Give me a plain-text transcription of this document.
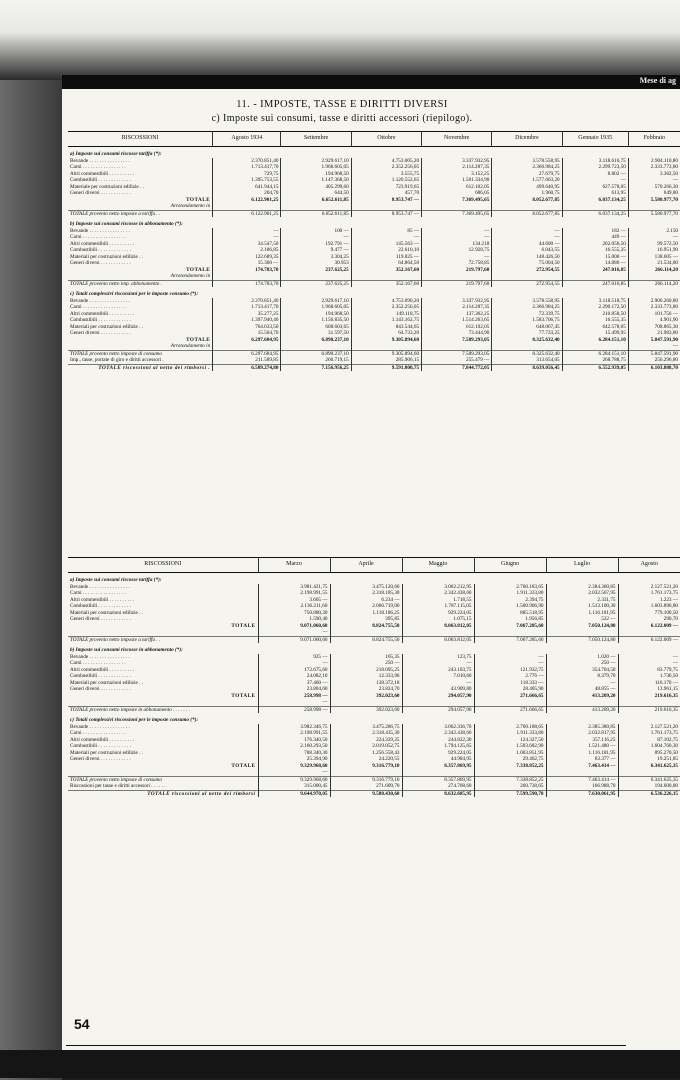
Mese di ag
11. - IMPOSTE, TASSE E DIRITTI DIVERSI
c) Imposte sui consumi, tasse e diritti accessori (riepilogo).
RISCOSSIONI	Agosto 1934	Settembre	Ottobre	Novembre	Dicembre	Gennaio 1935	Febbraio
a) Imposte sui consumi riscosse tariffa (*):							
Bevande . . . . . . . . . . . . . . . .	2.370.851,40	2.929.617,10	4.753.005,20	3.337.932,95	3.578.558,95	3.118.616,75	2.904.110,80
Carni . . . . . . . . . . . . . . . . .	1.713.417,70	1.968.605,05	2.352.256,05	2.114.287,35	2.366.984,25	2.299.723,50	2.333.773,80
Altri commestibili . . . . . . . . . .	729,75	194.968,50	3.555,75	3.152,25	27.679,75	8.802 —	3.382,50
Combustibili . . . . . . . . . . . . .	1.395.753,55	1.147.368,50	1.120.552,65	1.501.334,90	1.577.663,20	—	—
Materiale per costruzioni edilizie . .	641.944,15	405.299,60	723.919,65	612.102,05	499.640,95	627.578,05	570.266,30
Generi diversi . . . . . . . . . . . .	204,70	644,50	457,70	686,05	1.960,75	613,95	649,80
TOTALE	6.122.901,25	6.652.611,85	8.953.747 —	7.369.495,65	8.052.677,85	6.037.134,25	5.580.977,70
Arrotondamento in							
TOTALE provento netto imposte a tariffa . .	6.122.901,25	6.652.611,85	8.953.747 —	7.369.495,65	8.052.677,85	6.037.134,25	5.580.977,70
b) Imposte sui consumi riscosse in abbonamento (*):							
Bevande . . . . . . . . . . . . . . . .	—	100 —	85 —	—	—	182 —	2.150
Carni . . . . . . . . . . . . . . . . .	—	—	—	—	—	449 —	—
Altri commestibili . . . . . . . . . .	34.547,50	192.791 —	145.563 —	134.218	44.600 —	202.056,50	99.572,50
Combustibili . . . . . . . . . . . . .	2.186,85	9.477 —	22.610,10	12.928,75	6.043,55	16.555,35	16.951,90
Materiali per costruzioni edilizie . .	122.689,35	3.304,25	119.025 —	—	148.426,50	15.000 —	138.605 —
Generi diversi . . . . . . . . . . . .	15.360 —	30.953	64.864,50	72.758,85	75.004,50	14.886 —	21.534,80
TOTALE	174.783,70	237.625,25	352.167,60	219.797,60	272.954,55	247.016,85	266.114,20
Arrotondamento in							
TOTALE provento netto imp. abbonamento .	174.783,70	237.625,25	352.167,60	219.797,60	272.954,55	247.016,85	266.114,20
c) Totali complessivi riscossioni per le imposte consumo (*):							
Bevande . . . . . . . . . . . . . . . .	2.370.851,40	2.929.617,10	4.753.090,20	3.337.932,95	3.578.558,95	3.118.518,75	2.906.260,80
Carni . . . . . . . . . . . . . . . . .	1.713.417,70	1.968.605,05	2.352.256,05	2.114.287,35	2.366.984,25	2.290.172,50	2.333.773,80
Altri commestibili . . . . . . . . . .	35.277,25	194.968,50	149.118,75	137.362,25	72.339,75	210.858,50	101.756 —
Combustibili . . . . . . . . . . . . .	1.397.940,40	1.156.835,50	1.143.162,75	1.514.263,65	1.583.706,75	16.555,35	4.901,90
Materiali per costruzioni edilizie . .	764.633,50	608.603,65	843.544,65	612.102,05	648.067,45	642.578,05	708.865,30
Generi diversi . . . . . . . . . . . .	15.564,70	31.597,50	64.733,20	73.444,90	77.733,25	15.499,95	21.983,80
TOTALE	6.297.684,95	6.890.237,10	9.305.894,60	7.589.293,05	8.325.632,40	6.284.151,10	5.847.591,90
Arrotondamento in							—
TOTALE provento netto imposte di consumo	6.297.684,95	6.890.237,10	9.305.894,60	7.589.293,05	8.325.632,40	6.284.151,10	5.847.591,90
Imp., tasse, portate di giro e diritti accessori .	211.589,85	266.719,15	285.906,15	255.479 —	313.654,05	268.788,75	256.296,80
TOTALE riscossioni al netto dei rimborsi .	6.509.274,80	7.156.956,25	9.591.800,75	7.844.772,05	8.639.056,45	6.552.939,85	6.103.888,70
RISCOSSIONI	Marzo	Aprile	Maggio	Giugno	Luglio	Agosto
a) Imposte sui consumi riscosse tariffa (*):						
Bevande . . . . . . . . . . . . . . . .	3.981.421,75	3.475.120,60	3.062.212,95	2.760.183,65	2.384.360,85	2.127.521,20
Carni . . . . . . . . . . . . . . . . .	2.198.991,55	2.318.185,30	2.342.438,60	1.911.333,80	2.032.567,95	1.761.173,75
Altri commestibili . . . . . . . . . .	3.665 —	6.234 —	1.718,55	2.394,75	2.331,75	1.223 —
Combustibili . . . . . . . . . . . . .	2.136.211,60	2.006.719,00	1.787.115,05	1.500.906,90	1.513.100,30	1.603.896,80
Materiali per costruzioni edilizie . .	750.880,30	1.118.186,25	929.224,05	885.518,95	1.116.181,95	779.100,50
Generi diversi . . . . . . . . . . . .	1.590,40	395,85	1.075,15	1.956,85	522 —	290,70
TOTALE	9.071.060,60	8.824.755,50	8.063.812,05	7.067.285,60	7.050.124,80	6.122.009 —
	—					
TOTALE provento netto imposte a tariffa . .	9.071.060,60	8.824.755,50	8.063.812,05	7.067.285,60	7.050.124,80	6.122.009 —
b) Imposte sui consumi riscosse in abbonamento (*):						
Bevande . . . . . . . . . . . . . . . .	925 —	165,35	123,75	—	1.020 —	—
Carni . . . . . . . . . . . . . . . . .	—	250 —	—	—	250 —	—
Altri commestibili . . . . . . . . . .	172.675,60	218.095,25	243.103,75	121.932,75	354.704,50	83.779,75
Combustibili . . . . . . . . . . . . .	24.082,10	12.333,96	7.010,60	2.776 —	8.379,70	1.736,50
Materiali per costruzioni edilizie . .	37.460 —	138.372,18	—	118.333 —	—	116.170 —
Generi diversi . . . . . . . . . . . .	23.804,60	23.824,70	43.909,80	28.405,90	48.855 —	13.961,15
TOTALE	258.998 —	392.023,60	294.057,90	271.666,65	413.209,20	219.616,35
	—					
TOTALE provento netto imposte in abbonamento . . . . . . .	258.998 —	392.023,60	294.057,90	271.666,65	413.209,20	219.616,35
c) Totali complessivi riscossioni per le imposte consumo (*):						
Bevande . . . . . . . . . . . . . . . .	3.982.346,75	3.475.286,75	3.062.336,70	2.760.188,65	2.385.380,85	2.127.521,20
Carni . . . . . . . . . . . . . . . . .	2.198.991,55	2.318.435,30	2.342.438,60	1.911.333,80	2.032.817,95	1.761.173,75
Altri commestibili . . . . . . . . . .	176.340,50	224.329,25	244.822,30	124.327,50	357.116,25	87.102,75
Combustibili . . . . . . . . . . . . .	2.160.293,50	2.019.052,75	1.794.125,65	1.503.682,90	1.521.480 —	1.604.760,30
Materiali per costruzioni edilizie . .	788.340,30	1.256.558,43	929.224,05	1.003.851,95	1.116.181,95	895.270,50
Generi diversi . . . . . . . . . . . .	25.394,90	24.220,55	44.984,95	29.462,75	63.377 —	19.251,85
TOTALE	9.329.968,60	9.316.779,10	8.357.869,95	7.338.852,25	7.463.414 —	6.341.625,35
	—					
TOTALE provento netto imposte di consumo	9.329.968,60	9.316.779,10	8.357.869,95	7.338.852,25	7.463.414 —	6.341.625,35
Riscossioni per tasse e diritti accessori . . . . . .	315.000,45	271.609,70	274.768,60	260.738,65	166.988,70	194.600,80
TOTALE riscossioni al netto dei rimborsi	9.644.970,05	9.588.430,60	8.632.685,95	7.599.590,70	7.630.061,95	6.536.226,15
54
